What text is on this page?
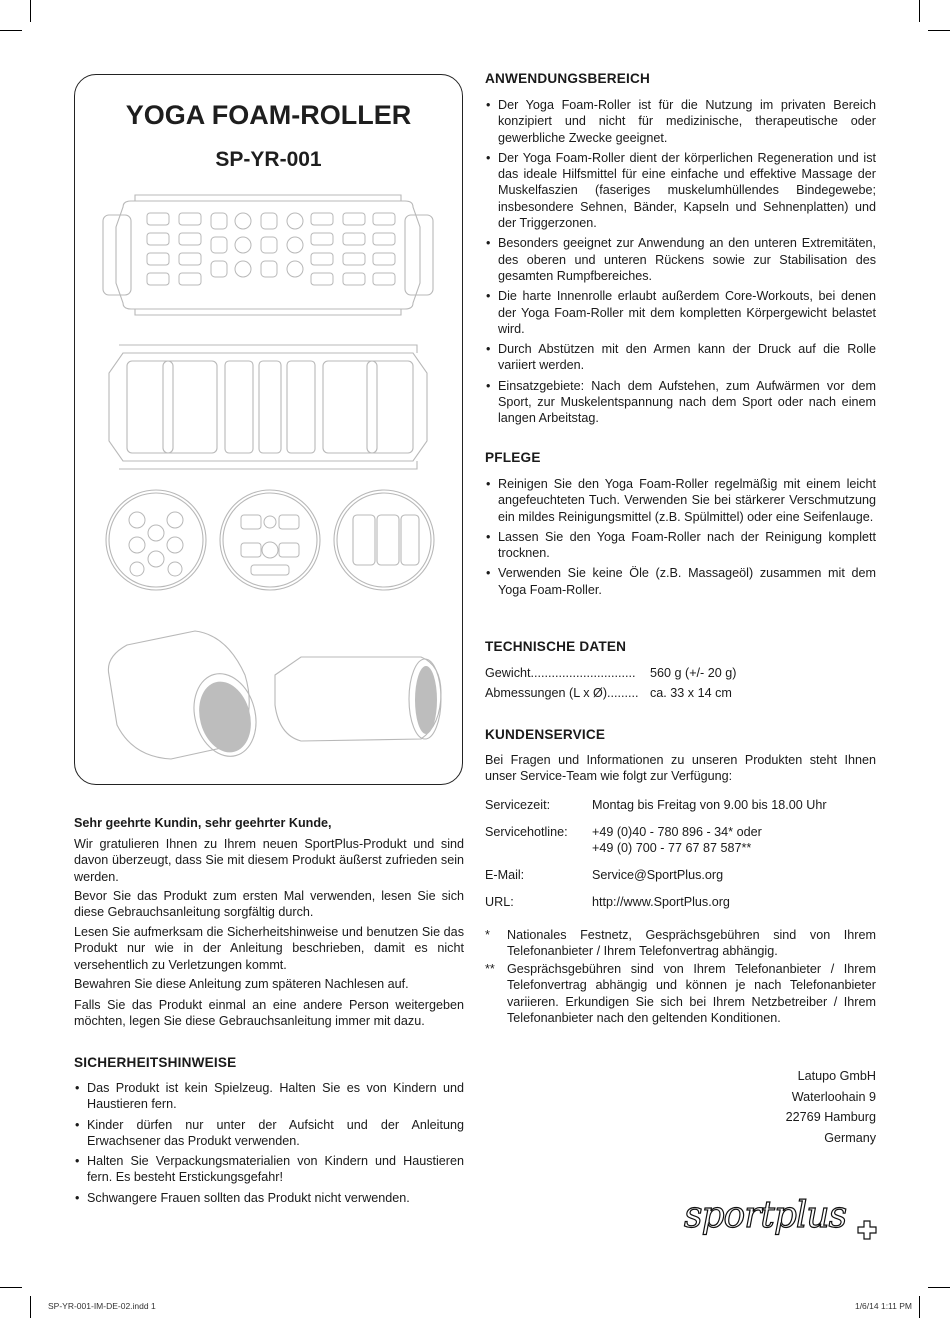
YOGA FOAM-ROLLER
SP-YR-001
Sehr geehrte Kundin, sehr geehrter Kunde,
Wir gratulieren Ihnen zu Ihrem neuen SportPlus-Produkt und sind davon überzeugt, dass Sie mit diesem Produkt äußerst zufrieden sein werden.
Bevor Sie das Produkt zum ersten Mal verwenden, lesen Sie sich diese Gebrauchsanleitung sorgfältig durch.
Lesen Sie aufmerksam die Sicherheitshinweise und benutzen Sie das Produkt nur wie in der Anleitung beschrieben, damit es nicht versehentlich zu Verletzungen kommt.
Bewahren Sie diese Anleitung zum späteren Nachlesen auf.
Falls Sie das Produkt einmal an eine andere Person weitergeben möchten, legen Sie diese Gebrauchsanleitung immer mit dazu.
SICHERHEITSHINWEISE
• Das Produkt ist kein Spielzeug. Halten Sie es von Kindern und Haustieren fern.
• Kinder dürfen nur unter der Aufsicht und der Anleitung Erwachsener das Produkt verwenden.
• Halten Sie Verpackungsmaterialien von Kindern und Haustieren fern. Es besteht Erstickungsgefahr!
• Schwangere Frauen sollten das Produkt nicht verwenden.
ANWENDUNGSBEREICH
• Der Yoga Foam-Roller ist für die Nutzung im privaten Bereich konzipiert und nicht für medizinische, therapeutische oder gewerbliche Zwecke geeignet.
• Der Yoga Foam-Roller dient der körperlichen Regeneration und ist das ideale Hilfsmittel für eine einfache und effektive Massage der Muskelfaszien (faseriges muskelumhüllendes Bindegewebe; insbesondere Sehnen, Bänder, Kapseln und Sehnenplatten) und der Triggerzonen.
• Besonders geeignet zur Anwendung an den unteren Extremitäten, des oberen und unteren Rückens sowie zur Stabilisation des gesamten Rumpfbereiches.
• Die harte Innenrolle erlaubt außerdem Core-Workouts, bei denen der Yoga Foam-Roller mit dem kompletten Körpergewicht belastet wird.
• Durch Abstützen mit den Armen kann der Druck auf die Rolle variiert werden.
• Einsatzgebiete: Nach dem Aufstehen, zum Aufwärmen vor dem Sport, zur Muskelentspannung nach dem Sport oder nach einem langen Arbeitstag.
PFLEGE
• Reinigen Sie den Yoga Foam-Roller regelmäßig mit einem leicht angefeuchteten Tuch. Verwenden Sie bei stärkerer Verschmutzung ein mildes Reinigungsmittel (z.B. Spülmittel) oder eine Seifenlauge.
• Lassen Sie den Yoga Foam-Roller nach der Reinigung komplett trocknen.
• Verwenden Sie keine Öle (z.B. Massageöl) zusammen mit dem Yoga Foam-Roller.
TECHNISCHE DATEN
Gewicht.............................. 560 g (+/- 20 g)
Abmessungen (L x Ø)......... ca. 33 x 14 cm
KUNDENSERVICE
Bei Fragen und Informationen zu unseren Produkten steht Ihnen unser Service-Team wie folgt zur Verfügung:
Servicezeit:	Montag bis Freitag von 9.00 bis 18.00 Uhr
Servicehotline: +49 (0)40 - 780 896 - 34* oder
+49 (0) 700 - 77 67 87 587**
E-Mail:	Service@SportPlus.org
URL:	http://www.SportPlus.org
* Nationales Festnetz, Gesprächsgebühren sind von Ihrem Telefonanbieter / Ihrem Telefonvertrag abhängig.
** Gesprächsgebühren sind von Ihrem Telefonanbieter / Ihrem Telefonvertrag abhängig und können je nach Telefonanbieter variieren. Erkundigen Sie sich bei Ihrem Netzbetreiber / Ihrem Telefonanbieter nach den geltenden Konditionen.
Latupo GmbH
Waterloohain 9
22769 Hamburg
Germany
sportplus
SP-YR-001-IM-DE-02.indd 1	1/6/14 1:11 PM
